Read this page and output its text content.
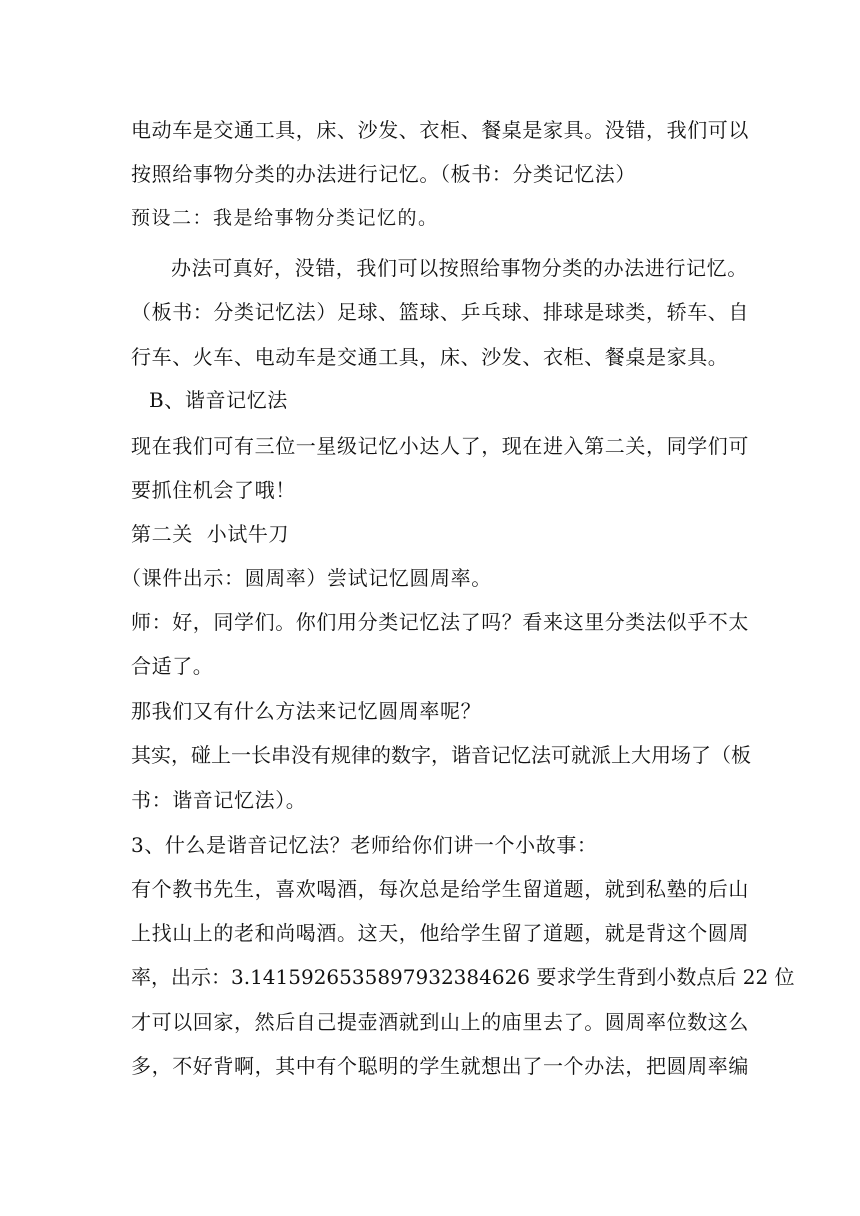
电动车是交通工具，床、沙发、衣柜、餐桌是家具。没错，我们可以
按照给事物分类的办法进行记忆。（板书：分类记忆法）
预设二：我是给事物分类记忆的。
办法可真好，没错，我们可以按照给事物分类的办法进行记忆。
（板书：分类记忆法）足球、篮球、乒乓球、排球是球类，轿车、自
行车、火车、电动车是交通工具，床、沙发、衣柜、餐桌是家具。
B、谐音记忆法
现在我们可有三位一星级记忆小达人了，现在进入第二关，同学们可
要抓住机会了哦！
第二关  小试牛刀
（课件出示：圆周率）尝试记忆圆周率。
师：好，同学们。你们用分类记忆法了吗？看来这里分类法似乎不太
合适了。
那我们又有什么方法来记忆圆周率呢？
其实，碰上一长串没有规律的数字，谐音记忆法可就派上大用场了（板
书：谐音记忆法）。
3、什么是谐音记忆法？老师给你们讲一个小故事：
有个教书先生，喜欢喝酒，每次总是给学生留道题，就到私塾的后山
上找山上的老和尚喝酒。这天，他给学生留了道题，就是背这个圆周
率，出示：3.14159265358979323846​26 要求学生背到小数点后 22 位
才可以回家，然后自己提壶酒就到山上的庙里去了。圆周率位数这么
多，不好背啊，其中有个聪明的学生就想出了一个办法，把圆周率编
